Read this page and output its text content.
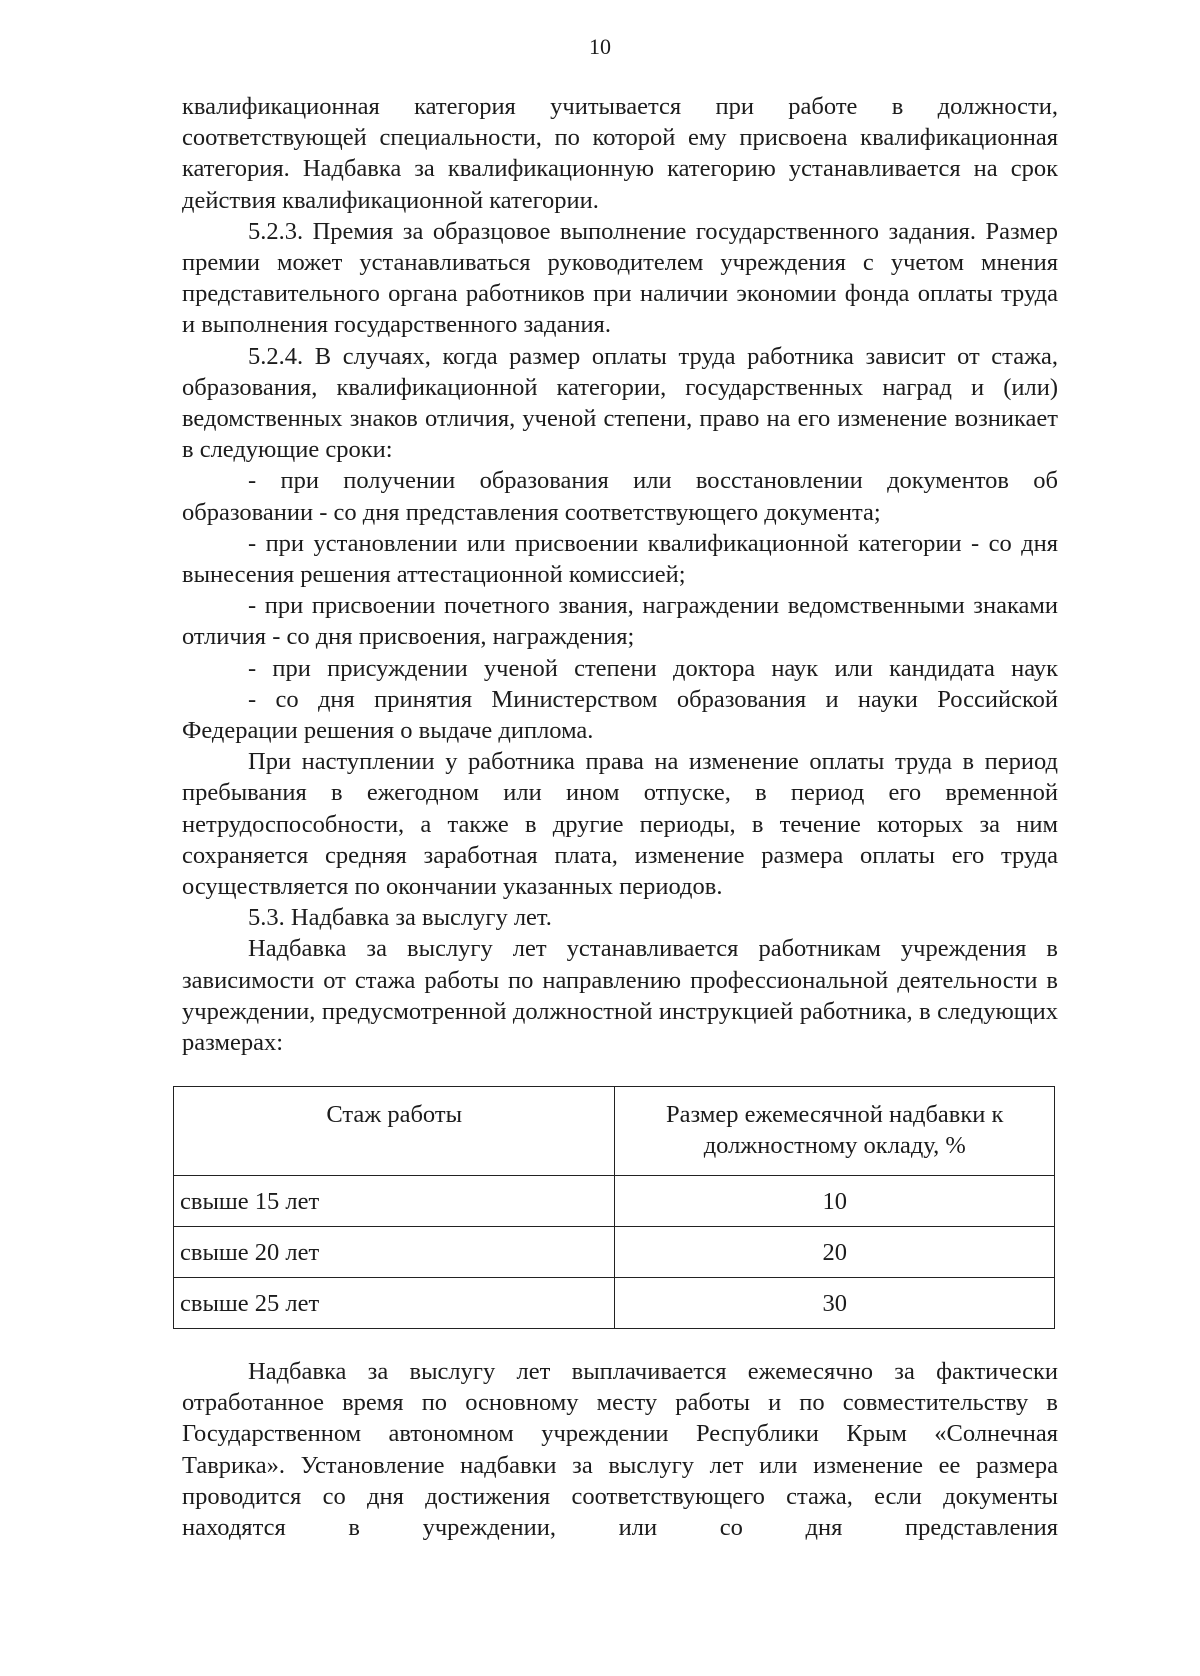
10

квалификационная категория учитывается при работе в должности, соответствующей специальности, по которой ему присвоена квалификационная категория. Надбавка за квалификационную категорию устанавливается на срок действия квалификационной категории.

5.2.3. Премия за образцовое выполнение государственного задания. Размер премии может устанавливаться руководителем учреждения с учетом мнения представительного органа работников при наличии экономии фонда оплаты труда и выполнения государственного задания.

5.2.4. В случаях, когда размер оплаты труда работника зависит от стажа, образования, квалификационной категории, государственных наград и (или) ведомственных знаков отличия, ученой степени, право на его изменение возникает в следующие сроки:

- при получении образования или восстановлении документов об образовании - со дня представления соответствующего документа;

- при установлении или присвоении квалификационной категории - со дня вынесения решения аттестационной комиссией;

- при присвоении почетного звания, награждении ведомственными знаками отличия - со дня присвоения, награждения;

- при присуждении ученой степени доктора наук или кандидата наук

- со дня принятия Министерством образования и науки Российской Федерации решения о выдаче диплома.

При наступлении у работника права на изменение оплаты труда в период пребывания в ежегодном или ином отпуске, в период его временной нетрудоспособности, а также в другие периоды, в течение которых за ним сохраняется средняя заработная плата, изменение размера оплаты его труда осуществляется по окончании указанных периодов.

5.3. Надбавка за выслугу лет.

Надбавка за выслугу лет устанавливается работникам учреждения в зависимости от стажа работы по направлению профессиональной деятельности в учреждении, предусмотренной должностной инструкцией работника, в следующих размерах:

Стаж работы	Размер ежемесячной надбавки к должностному окладу, %
свыше 15 лет	10
свыше 20 лет	20
свыше 25 лет	30

Надбавка за выслугу лет выплачивается ежемесячно за фактически отработанное время по основному месту работы и по совместительству в Государственном автономном учреждении Республики Крым «Солнечная Таврика». Установление надбавки за выслугу лет или изменение ее размера проводится со дня достижения соответствующего стажа, если документы находятся в учреждении, или со дня представления
